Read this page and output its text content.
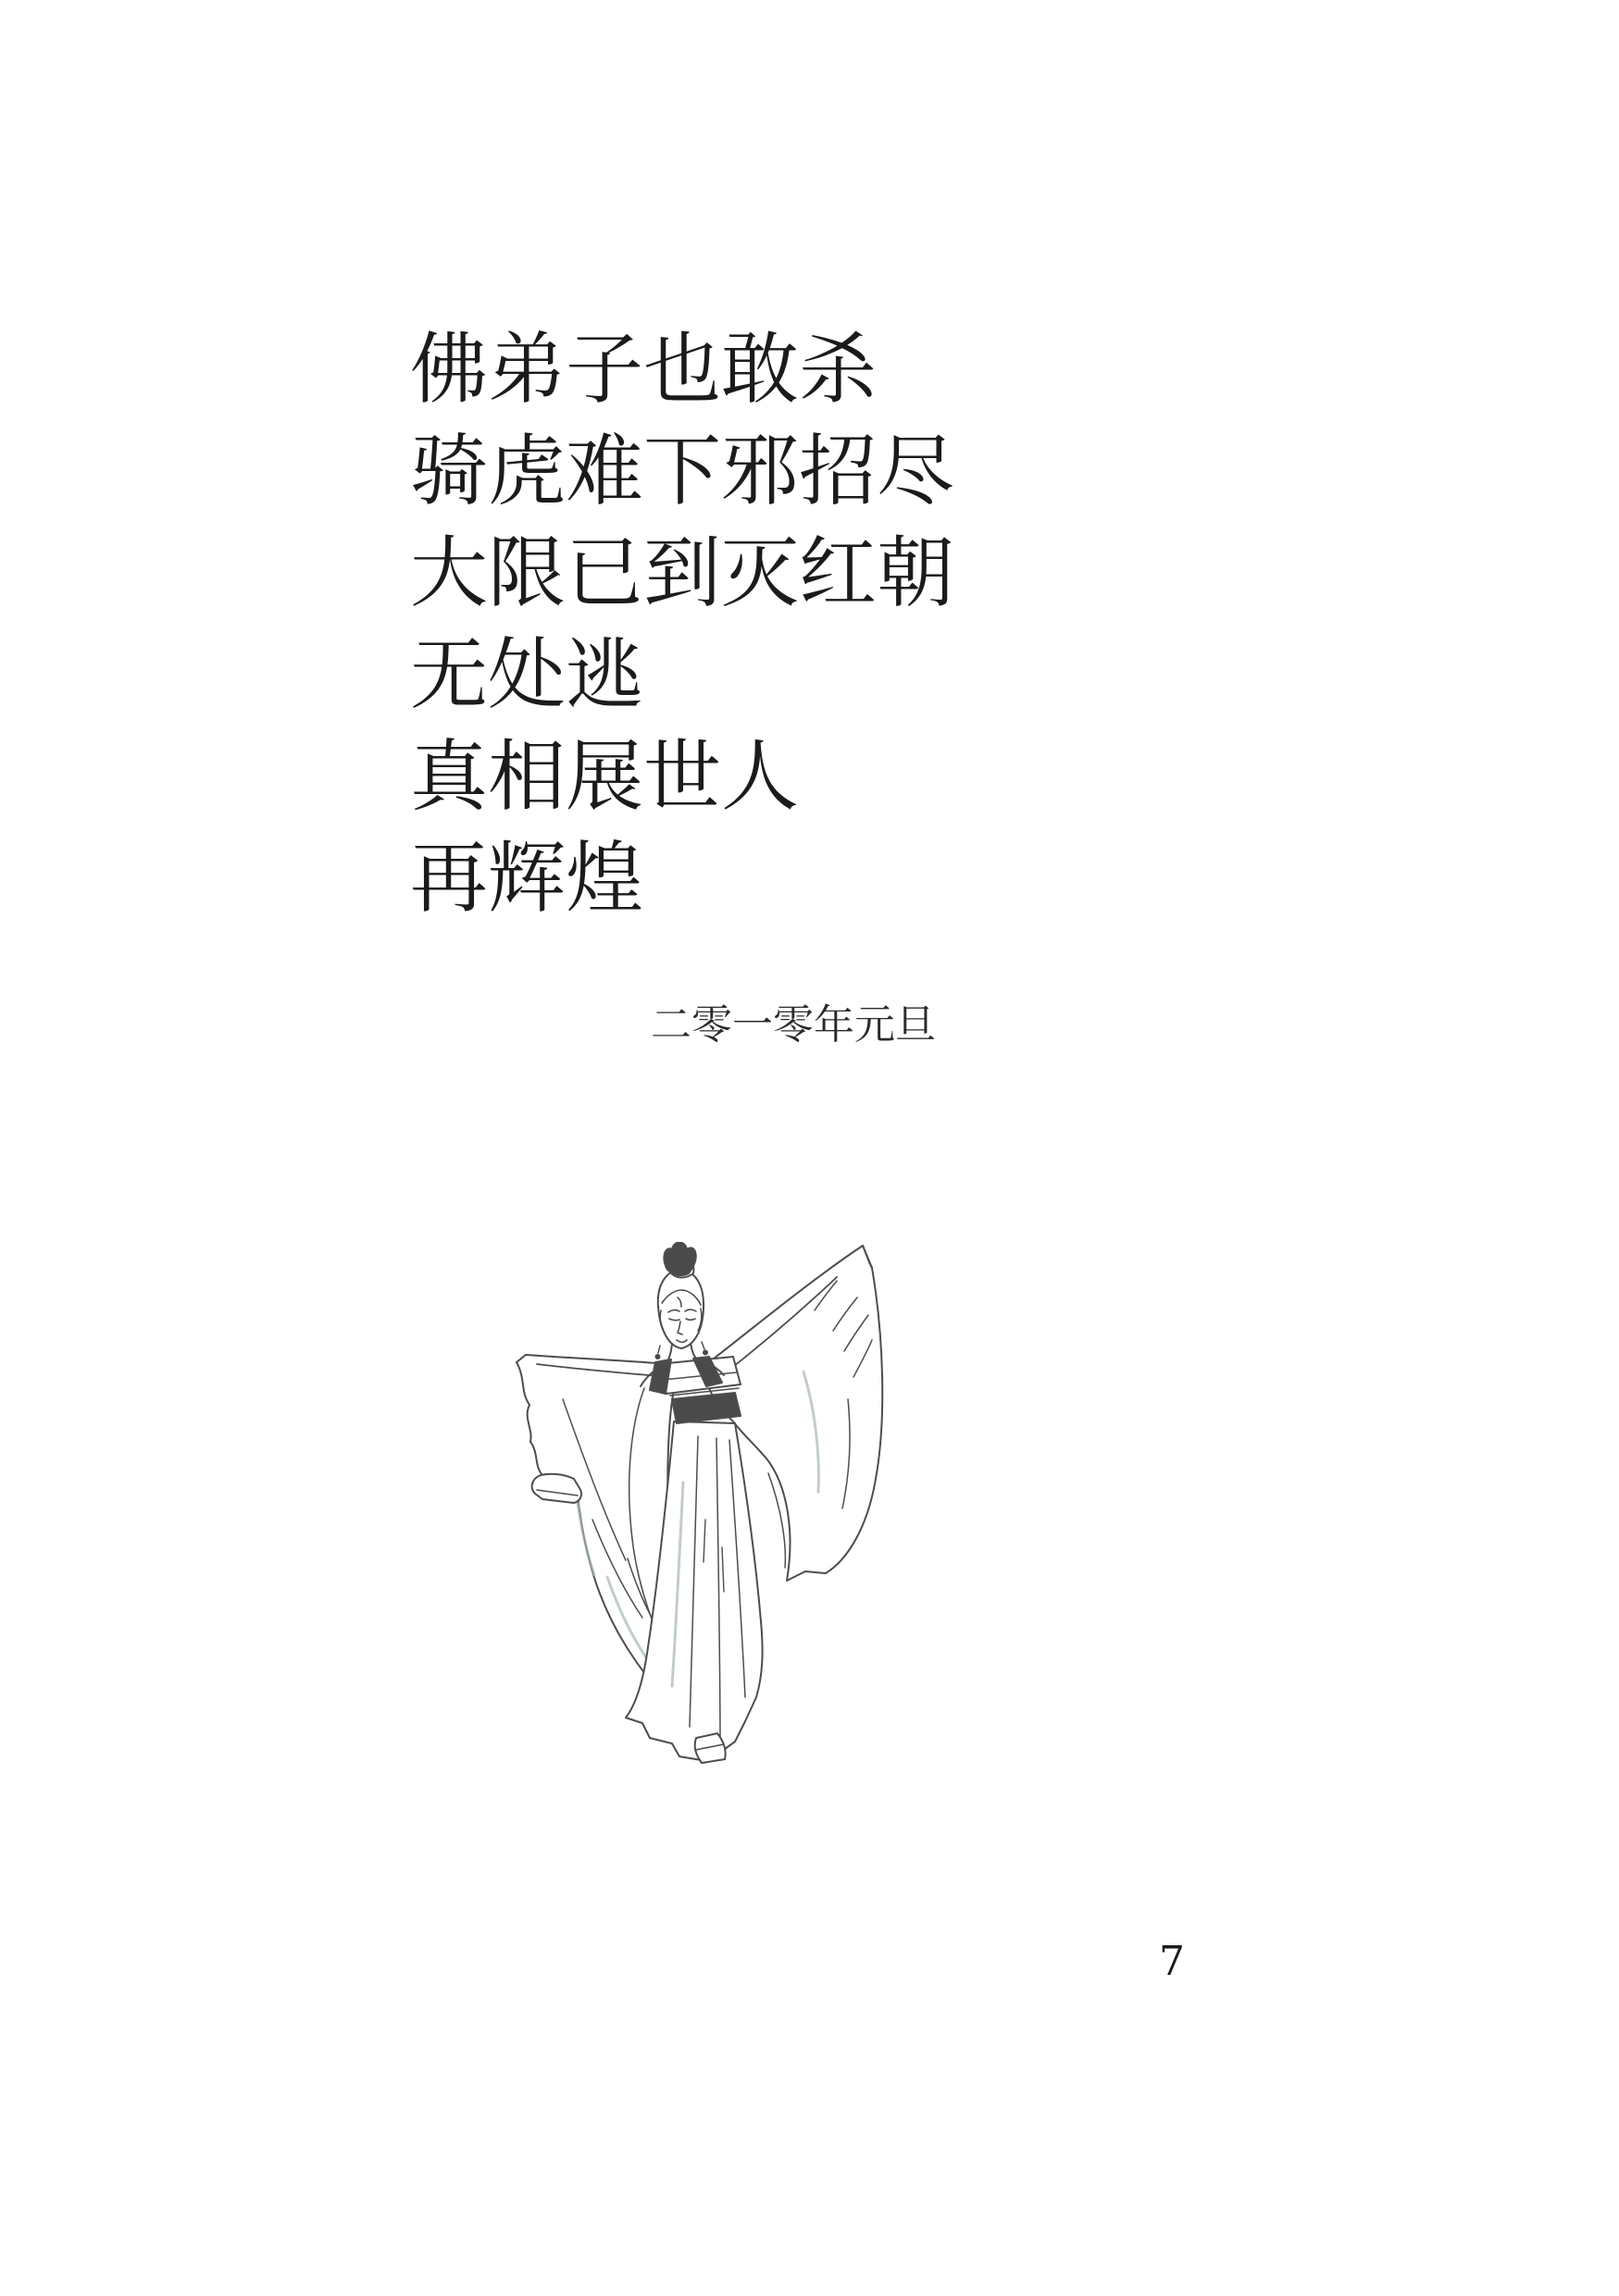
佛弟子也敢杀
骑虎难下邪招尽
大限已到灭红朝
无处逃
真相展世人
再辉煌
二零一零年元旦
7
